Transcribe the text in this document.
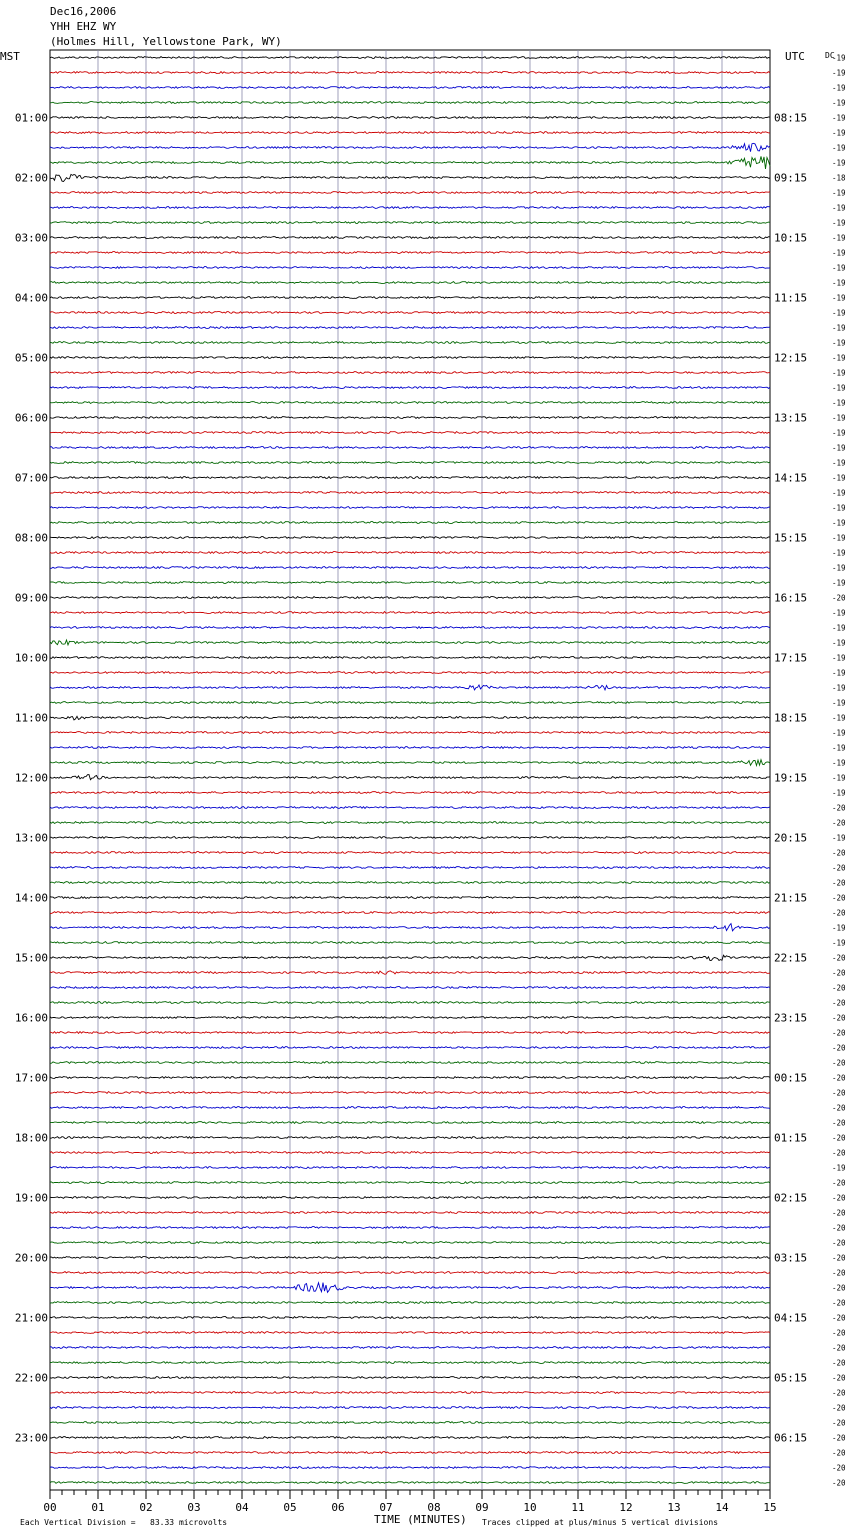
00	01	02	03	04	05	06	07	08	09	10	11	12	13	14	15
-19
-19
-19
-19
-19
-19
-19
-19
-18
-19
-19
-19
-19
-19
-19
-19
-19
-19
-19
-19
-19
-19
-19
-19
-19
-19
-19
-19
-19
-19
-19
-19
-19
-19
-19
-19
-20
-19
-19
-19
-19
-19
-19
-19
-19
-19
-19
-19
-19
-19
-20
-20
-19
-20
-20
-20
-20
-20
-19
-19
-20
-20
-20
-20
-20
-20
-20
-20
-20
-20
-20
-20
-20
-20
-19
-20
-20
-20
-20
-20
-20
-20
-20
-20
-20
-20
-20
-20
-20
-20
-20
-20
-20
-20
-20
-20
01:00
02:00
03:00
04:00
05:00
06:00
07:00
08:00
09:00
10:00
11:00
12:00
13:00
14:00
15:00
16:00
17:00
18:00
19:00
20:00
21:00
22:00
23:00
08:15
09:15
10:15
11:15
12:15
13:15
14:15
15:15
16:15
17:15
18:15
19:15
20:15
21:15
22:15
23:15
00:15
01:15
02:15
03:15
04:15
05:15
06:15
Dec16,2006
YHH EHZ WY
(Holmes Hill, Yellowstone Park, WY)
MST	UTC	DC
Each Vertical Division =   83.33 microvolts	TIME (MINUTES) Traces clipped at plus/minus 5 vertical divisions
